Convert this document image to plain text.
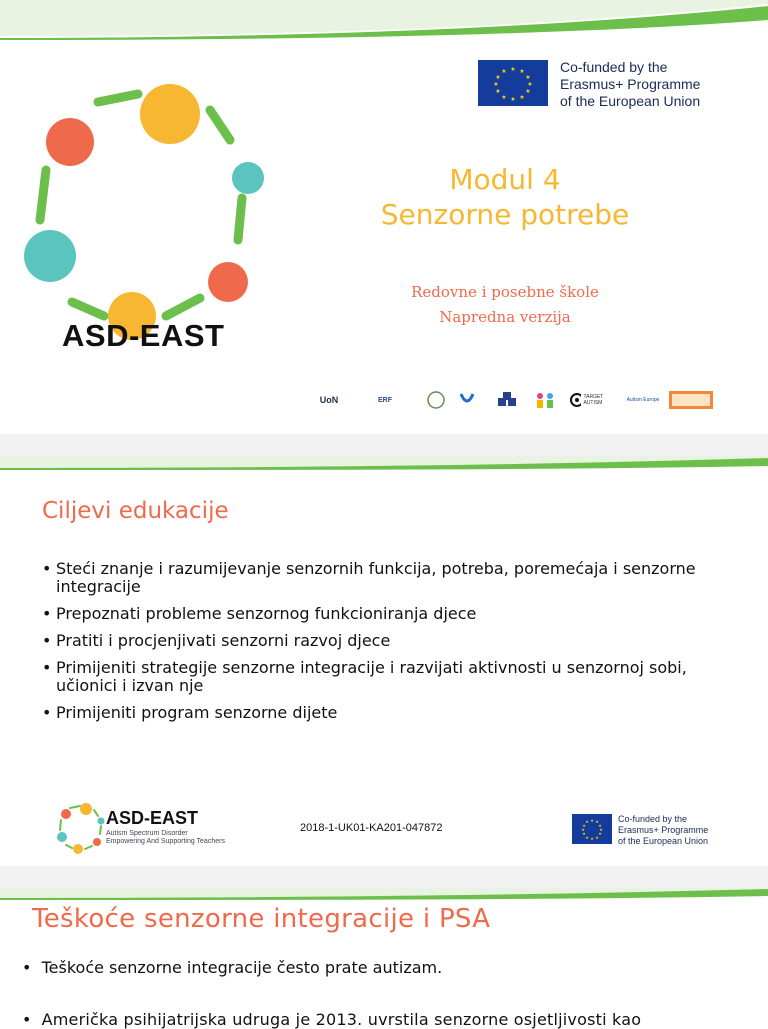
ASD-EAST
★ ★
★
★
★
★
★
★
★
★
★
★	Co-funded by the
Erasmus+ Programme
of the European Union
Modul 4
Senzorne potrebe
Redovne i posebne škole
Napredna verzija
UoN	ERF	TARGET AUTISM	Autism Europe
Ciljevi edukacije
• Steći znanje i razumijevanje senzornih funkcija, potreba, poremećaja i senzorne integracije
• Prepoznati probleme senzornog funkcioniranja djece
• Pratiti i procjenjivati senzorni razvoj djece
• Primijeniti strategije senzorne integracije i razvijati aktivnosti u senzornoj sobi, učionici i izvan nje
• Primijeniti program senzorne dijete
ASD-EAST
Autism Spectrum Disorder
Empowering And Supporting Teachers
2018-1-UK01-KA201-047872
★ ★
★
★
★
★
★
★
★
★
★
★	Co-funded by the
Erasmus+ Programme
of the European Union
Teškoće senzorne integracije i PSA
•  Teškoće senzorne integracije često prate autizam.
•  Američka psihijatrijska udruga je 2013. uvrstila senzorne osjetljivosti kao
